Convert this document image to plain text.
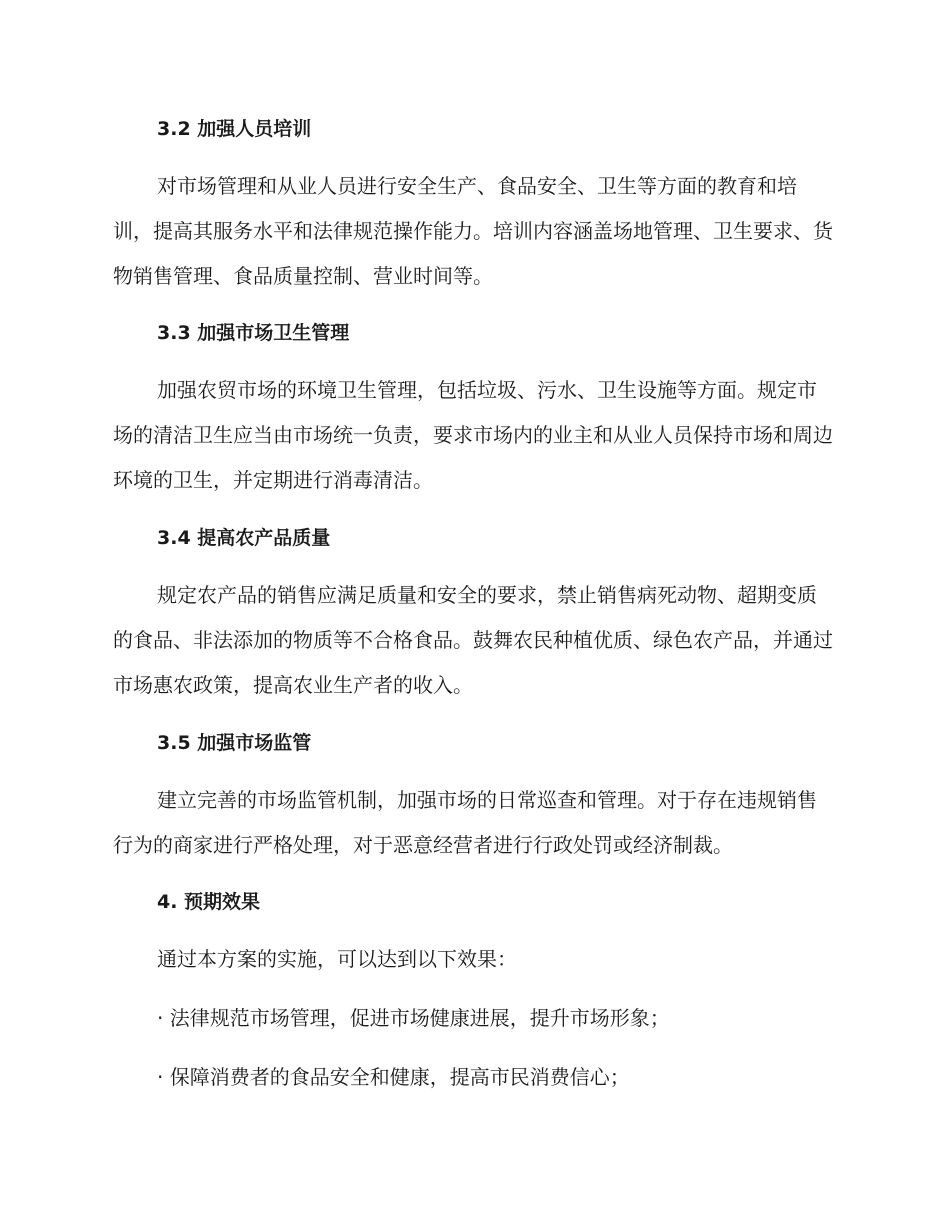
3.2 加强人员培训

对市场管理和从业人员进行安全生产、食品安全、卫生等方面的教育和培训，提高其服务水平和法律规范操作能力。培训内容涵盖场地管理、卫生要求、货物销售管理、食品质量控制、营业时间等。

3.3 加强市场卫生管理

加强农贸市场的环境卫生管理，包括垃圾、污水、卫生设施等方面。规定市场的清洁卫生应当由市场统一负责，要求市场内的业主和从业人员保持市场和周边环境的卫生，并定期进行消毒清洁。

3.4 提高农产品质量

规定农产品的销售应满足质量和安全的要求，禁止销售病死动物、超期变质的食品、非法添加的物质等不合格食品。鼓舞农民种植优质、绿色农产品，并通过市场惠农政策，提高农业生产者的收入。

3.5 加强市场监管

建立完善的市场监管机制，加强市场的日常巡查和管理。对于存在违规销售行为的商家进行严格处理，对于恶意经营者进行行政处罚或经济制裁。

4. 预期效果
通过本方案的实施，可以达到以下效果：
· 法律规范市场管理，促进市场健康进展，提升市场形象；
· 保障消费者的食品安全和健康，提高市民消费信心；
